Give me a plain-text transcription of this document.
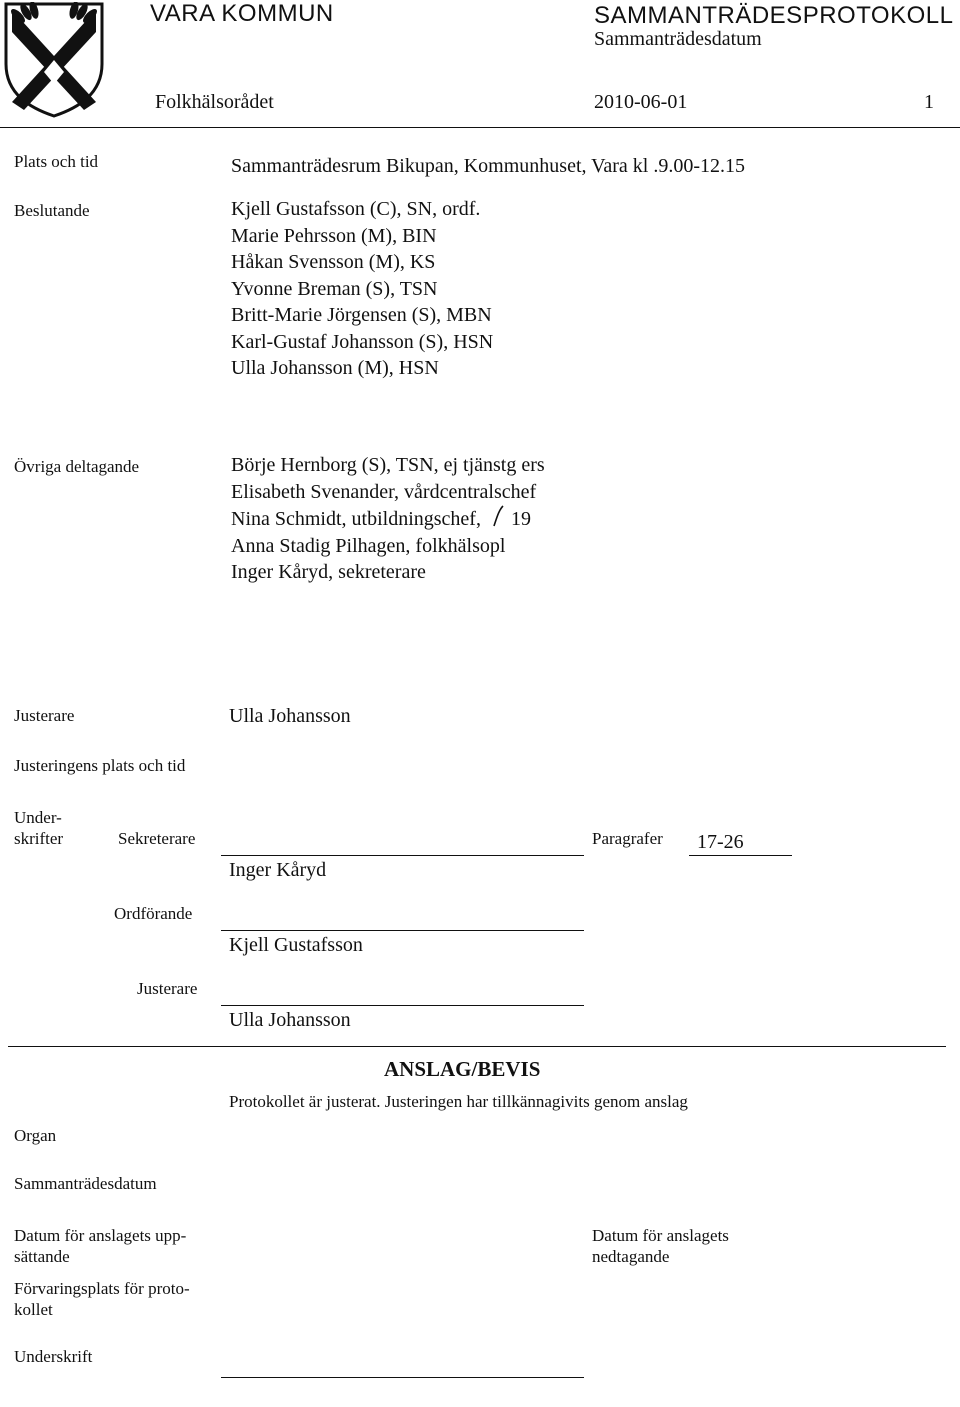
VARA KOMMUN	SAMMANTRÄDESPROTOKOLL
Sammanträdesdatum
Folkhälsorådet	2010-06-01	1
Plats och tid	Sammanträdesrum Bikupan, Kommunhuset, Vara kl .9.00-12.15
Beslutande	Kjell Gustafsson (C), SN, ordf.
Marie Pehrsson (M), BIN
Håkan Svensson (M), KS
Yvonne Breman (S), TSN
Britt-Marie Jörgensen (S), MBN
Karl-Gustaf Johansson (S), HSN
Ulla Johansson (M), HSN
Övriga deltagande	Börje Hernborg (S), TSN, ej tjänstg ers
Elisabeth Svenander, vårdcentralschef
Nina Schmidt, utbildningschef, 19
Anna Stadig Pilhagen, folkhälsopl
Inger Kåryd, sekreterare
Justerare	Ulla Johansson
Justeringens plats och tid
Under-
skrifter	Sekreterare
Inger Kåryd
Paragrafer 17-26
Ordförande
Kjell Gustafsson
Justerare
Ulla Johansson
ANSLAG/BEVIS
Protokollet är justerat. Justeringen har tillkännagivits genom anslag
Organ
Sammanträdesdatum
Datum för anslagets upp-
sättande
Datum för anslagets
nedtagande
Förvaringsplats för proto-
kollet
Underskrift
